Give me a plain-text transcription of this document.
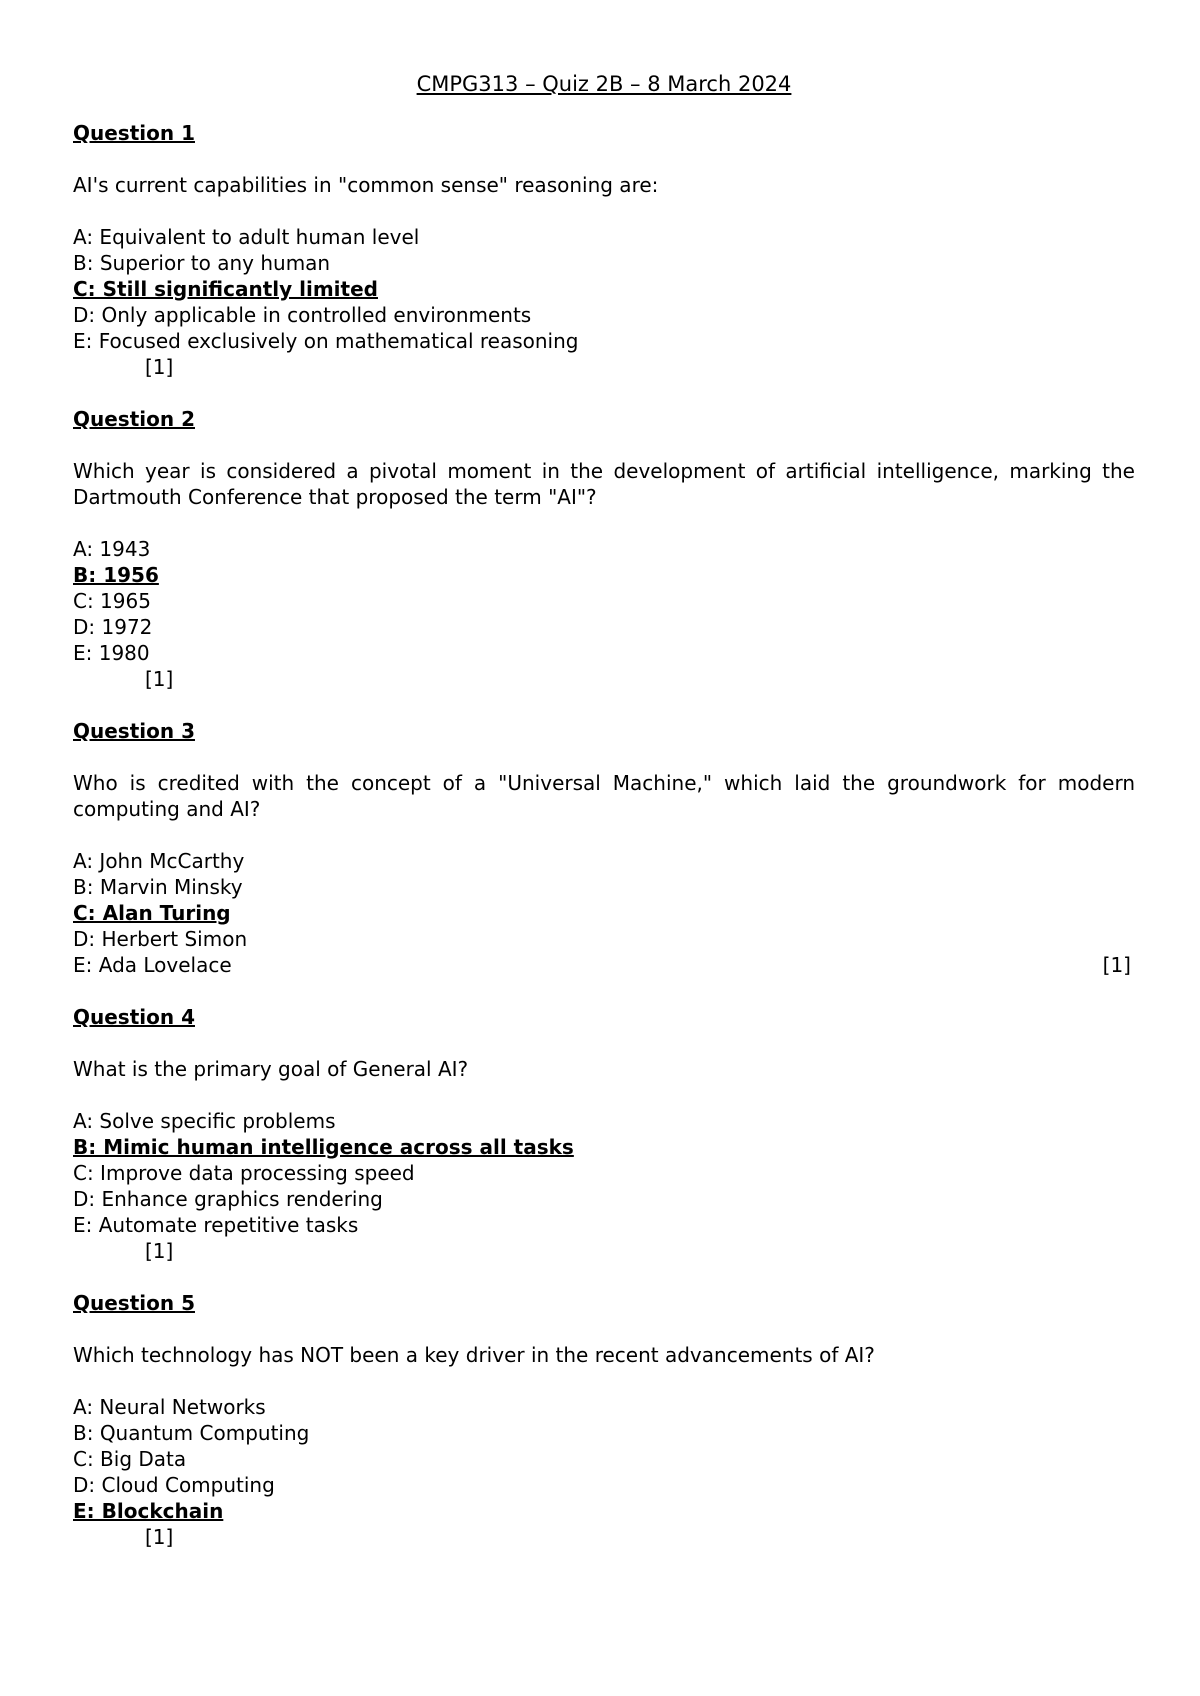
CMPG313 – Quiz 2B – 8 March 2024
Question 1
AI's current capabilities in "common sense" reasoning are:
A: Equivalent to adult human level
B: Superior to any human
C: Still significantly limited
D: Only applicable in controlled environments
E: Focused exclusively on mathematical reasoning
[1]
Question 2
Which year is considered a pivotal moment in the development of artificial intelligence, marking the Dartmouth Conference that proposed the term "AI"?
A: 1943
B: 1956
C: 1965
D: 1972
E: 1980
[1]
Question 3
Who is credited with the concept of a "Universal Machine," which laid the groundwork for modern computing and AI?
A: John McCarthy
B: Marvin Minsky
C: Alan Turing
D: Herbert Simon
E: Ada Lovelace	[1]
Question 4
What is the primary goal of General AI?
A: Solve specific problems
B: Mimic human intelligence across all tasks
C: Improve data processing speed
D: Enhance graphics rendering
E: Automate repetitive tasks
[1]
Question 5
Which technology has NOT been a key driver in the recent advancements of AI?
A: Neural Networks
B: Quantum Computing
C: Big Data
D: Cloud Computing
E: Blockchain
[1]
